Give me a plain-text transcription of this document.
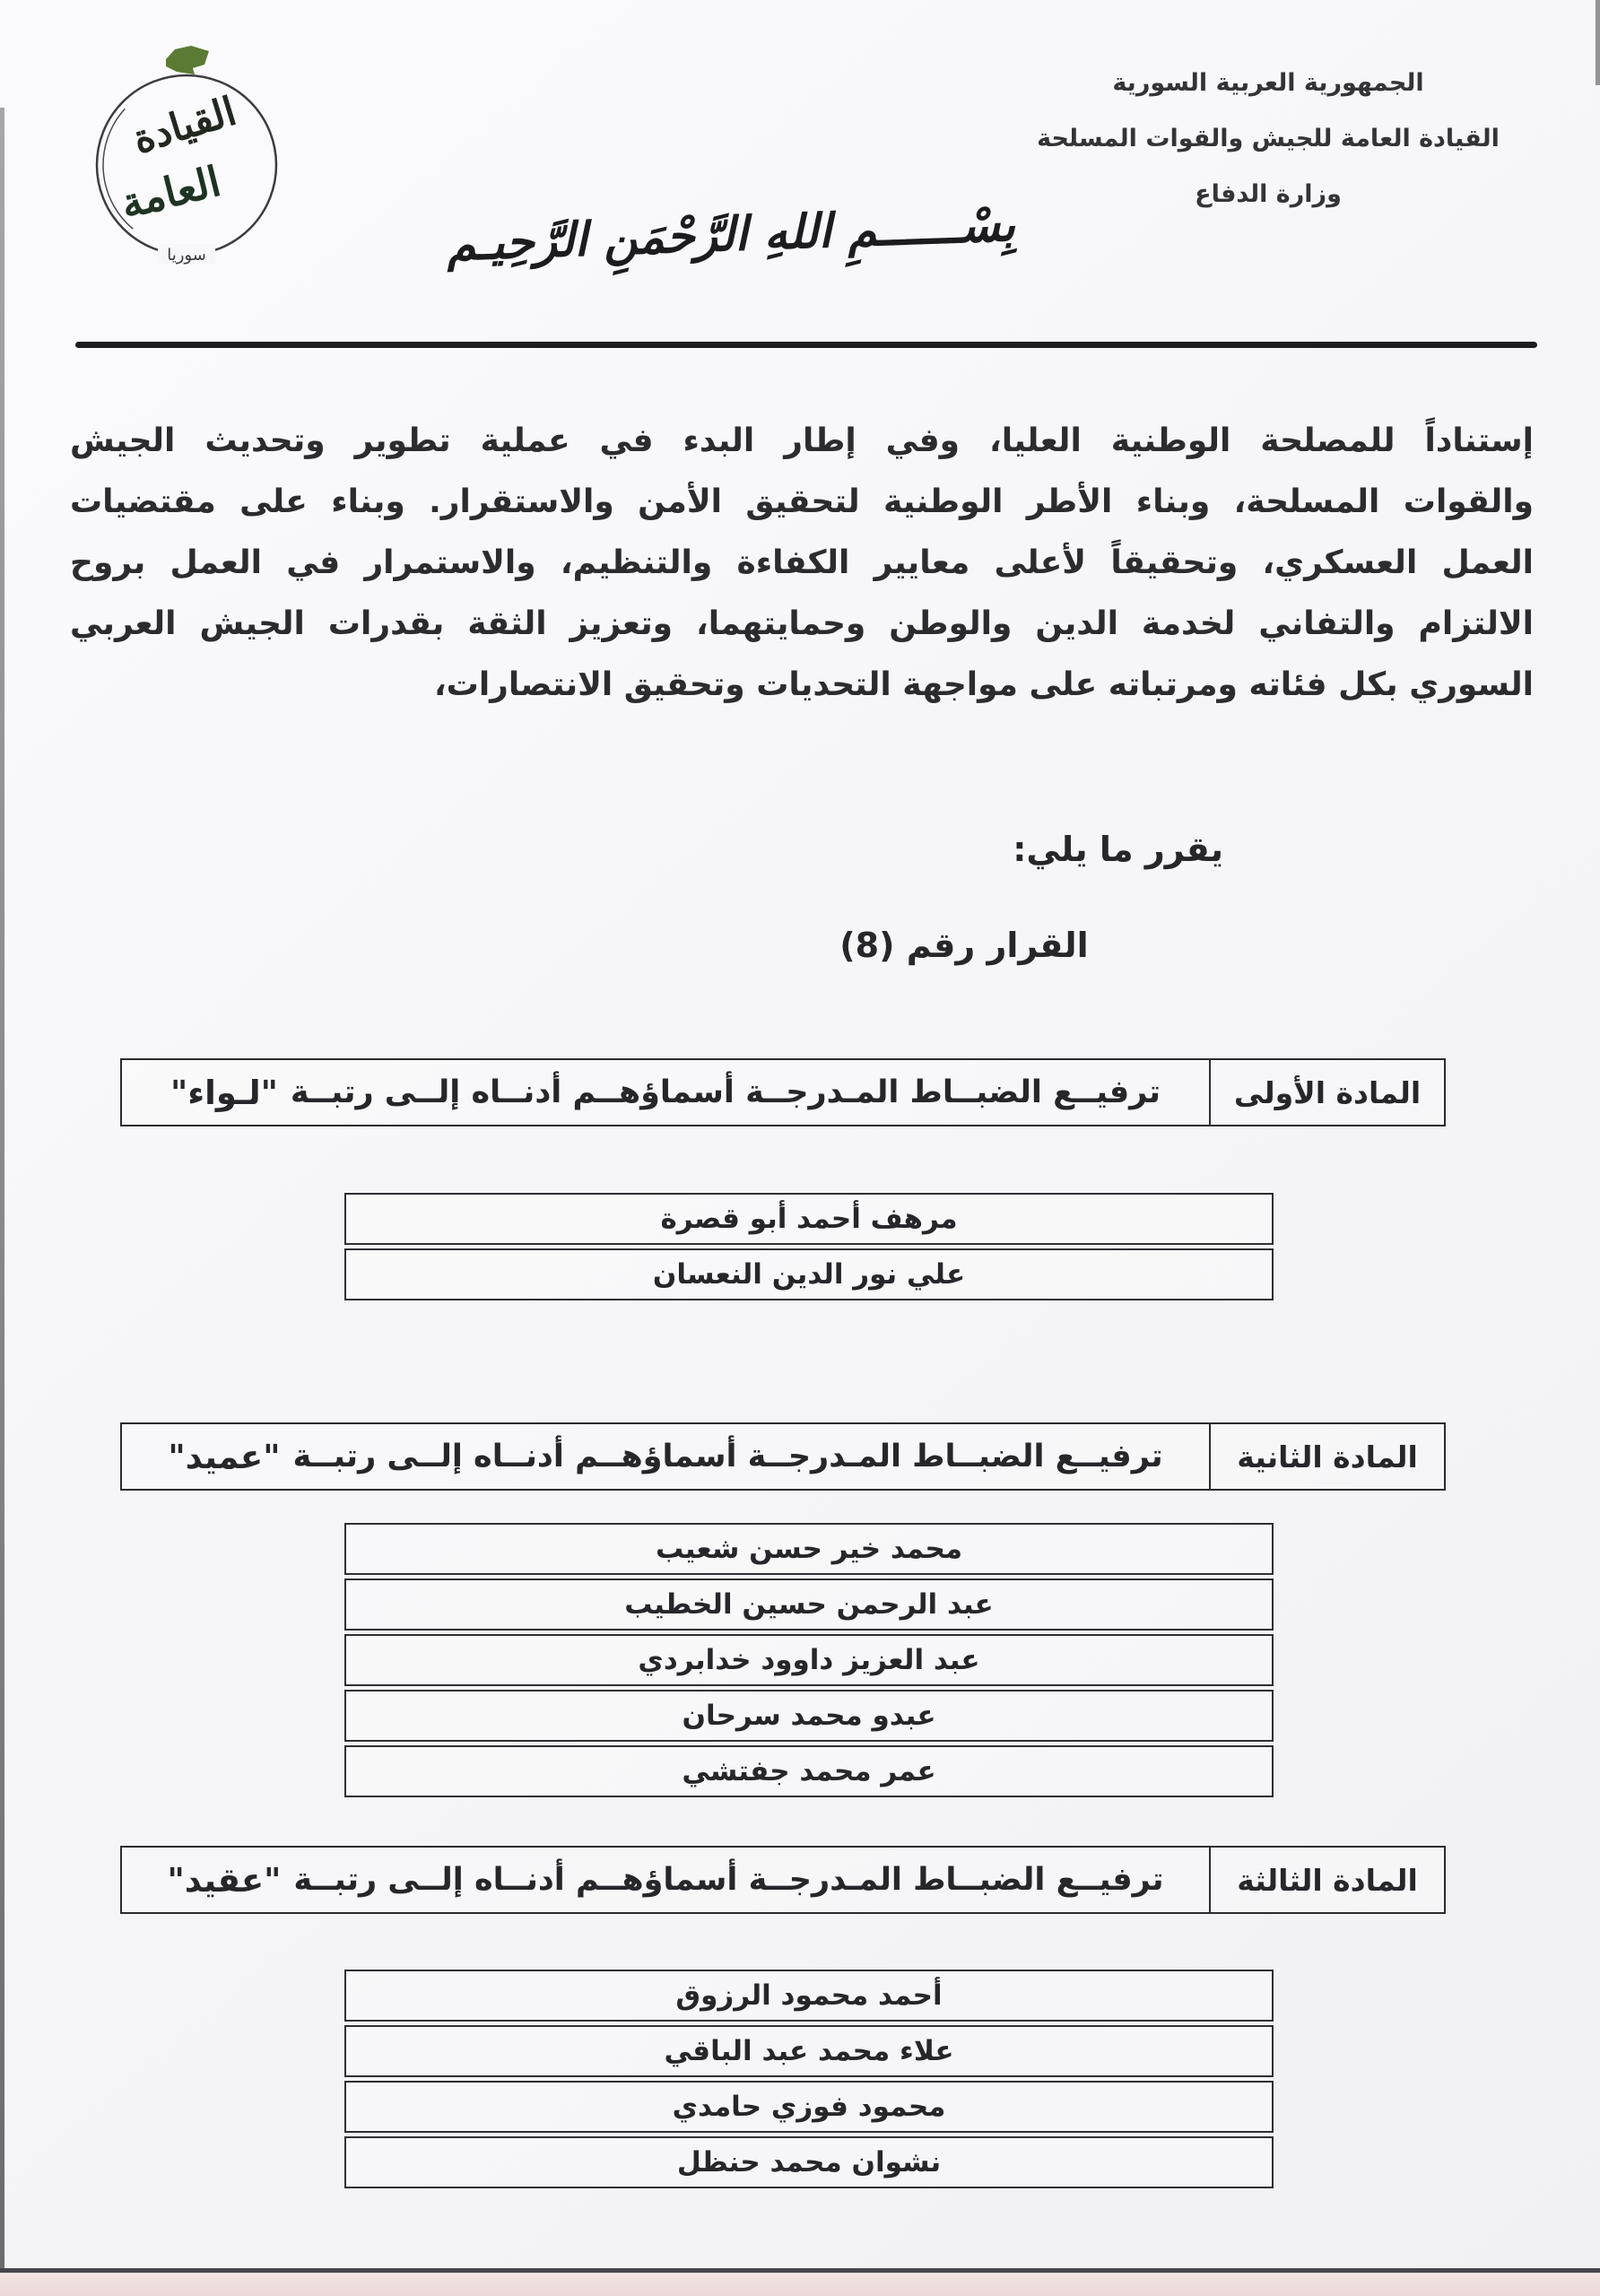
القيادة
العامة
سوريا
الجمهورية العربية السورية
القيادة العامة للجيش والقوات المسلحة
وزارة الدفاع
بِسْــــــمِ اللهِ الرَّحْمَنِ الرَّحِيـم
إستناداً للمصلحة الوطنية العليا، وفي إطار البدء في عملية تطوير وتحديث الجيش
والقوات المسلحة، وبناء الأطر الوطنية لتحقيق الأمن والاستقرار. وبناء على مقتضيات
العمل العسكري، وتحقيقاً لأعلى معايير الكفاءة والتنظيم، والاستمرار في العمل بروح
الالتزام والتفاني لخدمة الدين والوطن وحمايتهما، وتعزيز الثقة بقدرات الجيش العربي
السوري بكل فئاته ومرتباته على مواجهة التحديات وتحقيق الانتصارات،
يقرر ما يلي:
القرار رقم (8)
المادة الأولى
ترفيــع الضبــاط المـدرجــة أسماؤهــم أدنــاه إلــى رتبــة
"لـواء"
مرهف أحمد أبو قصرة
علي نور الدين النعسان
المادة الثانية
ترفيــع الضبــاط المـدرجــة أسماؤهــم أدنــاه إلــى رتبــة
"عميد"
محمد خير حسن شعيب
عبد الرحمن حسين الخطيب
عبد العزيز داوود خدابردي
عبدو محمد سرحان
عمر محمد جفتشي
المادة الثالثة
ترفيــع الضبــاط المـدرجــة أسماؤهــم أدنــاه إلــى رتبــة
"عقيد"
أحمد محمود الرزوق
علاء محمد عبد الباقي
محمود فوزي حامدي
نشوان محمد حنظل
